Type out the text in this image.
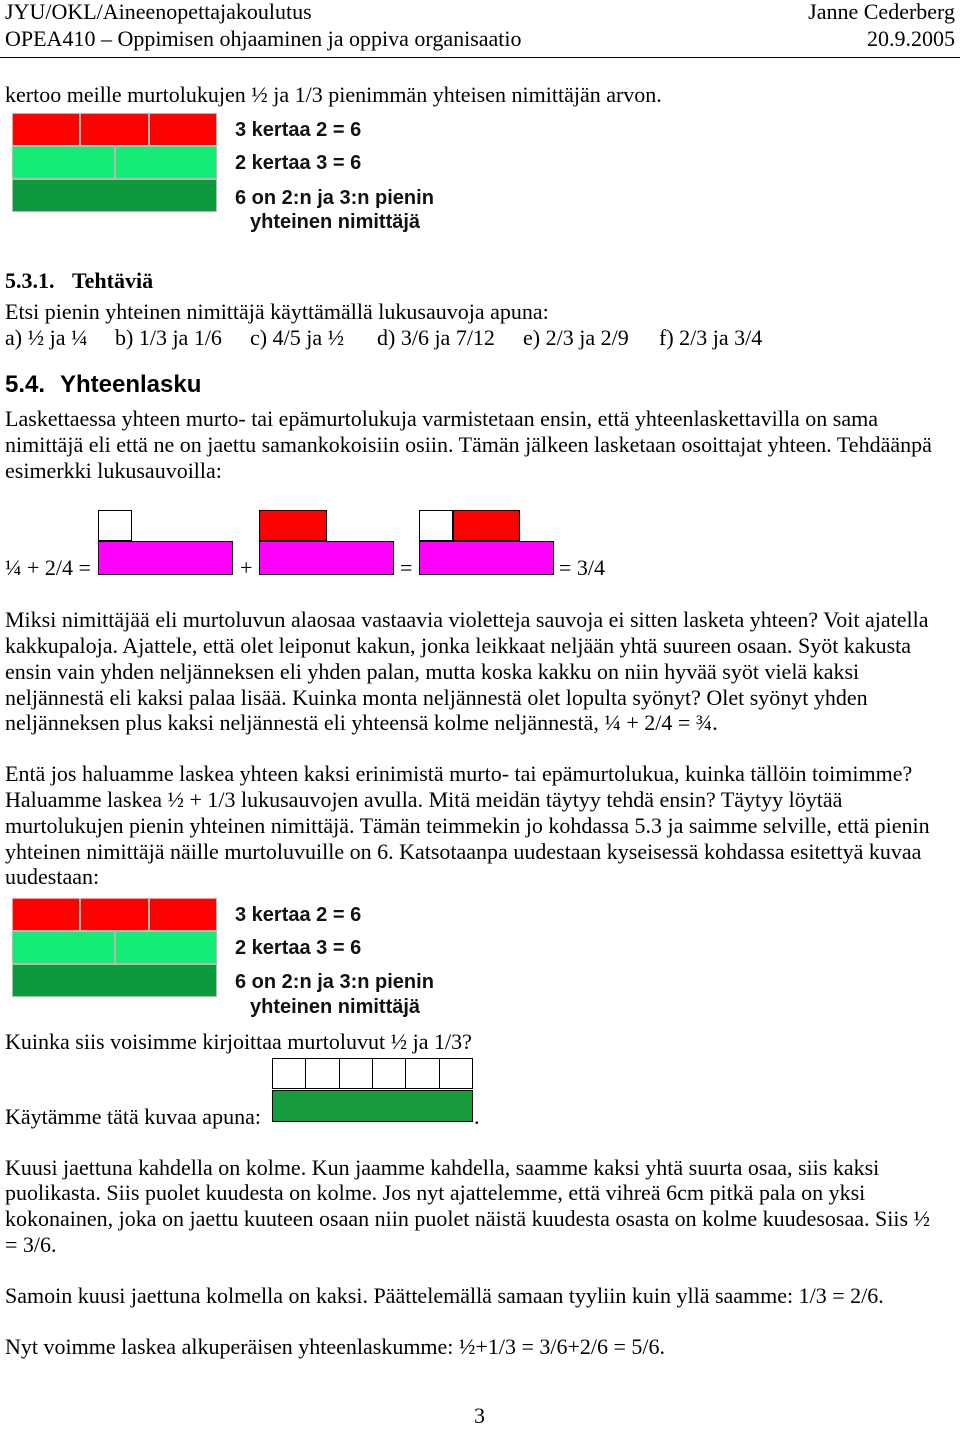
JYU/OKL/Aineenopettajakoulutus	Janne Cederberg
OPEA410 – Oppimisen ohjaaminen ja oppiva organisaatio	20.9.2005
kertoo meille murtolukujen ½ ja 1/3 pienimmän yhteisen nimittäjän arvon.
3 kertaa 2 = 6
2 kertaa 3 = 6
6 on 2:n ja 3:n pienin
yhteinen nimittäjä
5.3.1. Tehtäviä
Etsi pienin yhteinen nimittäjä käyttämällä lukusauvoja apuna:
a) ½ ja ¼ b) 1/3 ja 1/6 c) 4/5 ja ½ d) 3/6 ja 7/12 e) 2/3 ja 2/9 f) 2/3 ja 3/4
5.4. Yhteenlasku
Laskettaessa yhteen murto- tai epämurtolukuja varmistetaan ensin, että yhteenlaskettavilla on sama
nimittäjä eli että ne on jaettu samankokoisiin osiin. Tämän jälkeen lasketaan osoittajat yhteen. Tehdäänpä
esimerkki lukusauvoilla:
¼ + 2/4 =	+	=	= 3/4
Miksi nimittäjää eli murtoluvun alaosaa vastaavia violetteja sauvoja ei sitten lasketa yhteen? Voit ajatella
kakkupaloja. Ajattele, että olet leiponut kakun, jonka leikkaat neljään yhtä suureen osaan. Syöt kakusta
ensin vain yhden neljänneksen eli yhden palan, mutta koska kakku on niin hyvää syöt vielä kaksi
neljännestä eli kaksi palaa lisää. Kuinka monta neljännestä olet lopulta syönyt? Olet syönyt yhden
neljänneksen plus kaksi neljännestä eli yhteensä kolme neljännestä, ¼ + 2/4 = ¾.
Entä jos haluamme laskea yhteen kaksi erinimistä murto- tai epämurtolukua, kuinka tällöin toimimme?
Haluamme laskea ½ + 1/3 lukusauvojen avulla. Mitä meidän täytyy tehdä ensin? Täytyy löytää
murtolukujen pienin yhteinen nimittäjä. Tämän teimmekin jo kohdassa 5.3 ja saimme selville, että pienin
yhteinen nimittäjä näille murtoluvuille on 6. Katsotaanpa uudestaan kyseisessä kohdassa esitettyä kuvaa
uudestaan:
3 kertaa 2 = 6
2 kertaa 3 = 6
6 on 2:n ja 3:n pienin
yhteinen nimittäjä
Kuinka siis voisimme kirjoittaa murtoluvut ½ ja 1/3?
Käytämme tätä kuvaa apuna:	.
Kuusi jaettuna kahdella on kolme. Kun jaamme kahdella, saamme kaksi yhtä suurta osaa, siis kaksi
puolikasta. Siis puolet kuudesta on kolme. Jos nyt ajattelemme, että vihreä 6cm pitkä pala on yksi
kokonainen, joka on jaettu kuuteen osaan niin puolet näistä kuudesta osasta on kolme kuudesosaa. Siis ½
= 3/6.
Samoin kuusi jaettuna kolmella on kaksi. Päättelemällä samaan tyyliin kuin yllä saamme: 1/3 = 2/6.
Nyt voimme laskea alkuperäisen yhteenlaskumme: ½+1/3 = 3/6+2/6 = 5/6.
3
